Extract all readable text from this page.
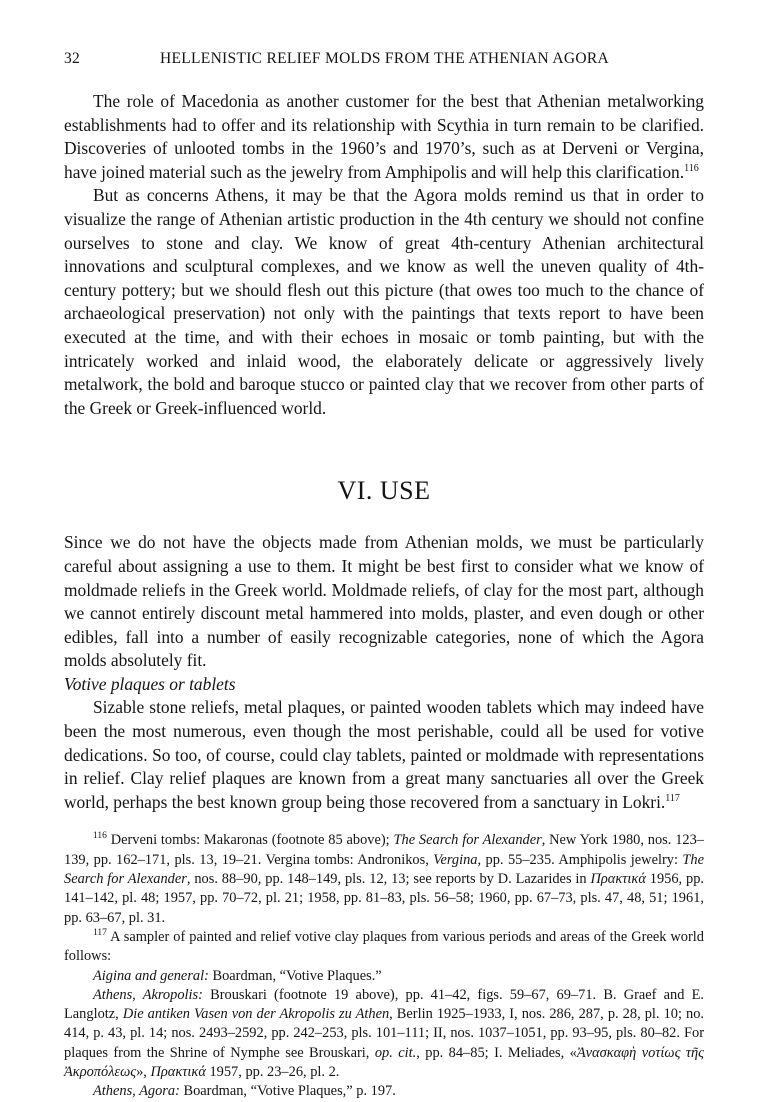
32	HELLENISTIC RELIEF MOLDS FROM THE ATHENIAN AGORA

The role of Macedonia as another customer for the best that Athenian metalworking establishments had to offer and its relationship with Scythia in turn remain to be clarified. Discoveries of unlooted tombs in the 1960’s and 1970’s, such as at Derveni or Vergina, have joined material such as the jewelry from Amphipolis and will help this clarification.$^{116}$

But as concerns Athens, it may be that the Agora molds remind us that in order to visualize the range of Athenian artistic production in the 4th century we should not confine ourselves to stone and clay. We know of great 4th-century Athenian architectural innovations and sculptural complexes, and we know as well the uneven quality of 4th-century pottery; but we should flesh out this picture (that owes too much to the chance of archaeological preservation) not only with the paintings that texts report to have been executed at the time, and with their echoes in mosaic or tomb painting, but with the intricately worked and inlaid wood, the elaborately delicate or aggressively lively metalwork, the bold and baroque stucco or painted clay that we recover from other parts of the Greek or Greek-influenced world.

VI. USE

Since we do not have the objects made from Athenian molds, we must be particularly careful about assigning a use to them. It might be best first to consider what we know of moldmade reliefs in the Greek world. Moldmade reliefs, of clay for the most part, although we cannot entirely discount metal hammered into molds, plaster, and even dough or other edibles, fall into a number of easily recognizable categories, none of which the Agora molds absolutely fit.

Votive plaques or tablets

Sizable stone reliefs, metal plaques, or painted wooden tablets which may indeed have been the most numerous, even though the most perishable, could all be used for votive dedications. So too, of course, could clay tablets, painted or moldmade with representations in relief. Clay relief plaques are known from a great many sanctuaries all over the Greek world, perhaps the best known group being those recovered from a sanctuary in Lokri.$^{117}$

$^{116}$ Derveni tombs: Makaronas (footnote 85 above); The Search for Alexander, New York 1980, nos. 123–139, pp. 162–171, pls. 13, 19–21. Vergina tombs: Andronikos, Vergina, pp. 55–235. Amphipolis jewelry: The Search for Alexander, nos. 88–90, pp. 148–149, pls. 12, 13; see reports by D. Lazarides in Πρακτικά 1956, pp. 141–142, pl. 48; 1957, pp. 70–72, pl. 21; 1958, pp. 81–83, pls. 56–58; 1960, pp. 67–73, pls. 47, 48, 51; 1961, pp. 63–67, pl. 31.

$^{117}$ A sampler of painted and relief votive clay plaques from various periods and areas of the Greek world follows:

Aigina and general: Boardman, “Votive Plaques.”

Athens, Akropolis: Brouskari (footnote 19 above), pp. 41–42, figs. 59–67, 69–71. B. Graef and E. Langlotz, Die antiken Vasen von der Akropolis zu Athen, Berlin 1925–1933, I, nos. 286, 287, p. 28, pl. 10; no. 414, p. 43, pl. 14; nos. 2493–2592, pp. 242–253, pls. 101–111; II, nos. 1037–1051, pp. 93–95, pls. 80–82. For plaques from the Shrine of Nymphe see Brouskari, op. cit., pp. 84–85; I. Meliades, «Ἀνασκαφὴ νοτίως τῆς Ἀκροπόλεως», Πρακτικά 1957, pp. 23–26, pl. 2.

Athens, Agora: Boardman, “Votive Plaques,” p. 197.
